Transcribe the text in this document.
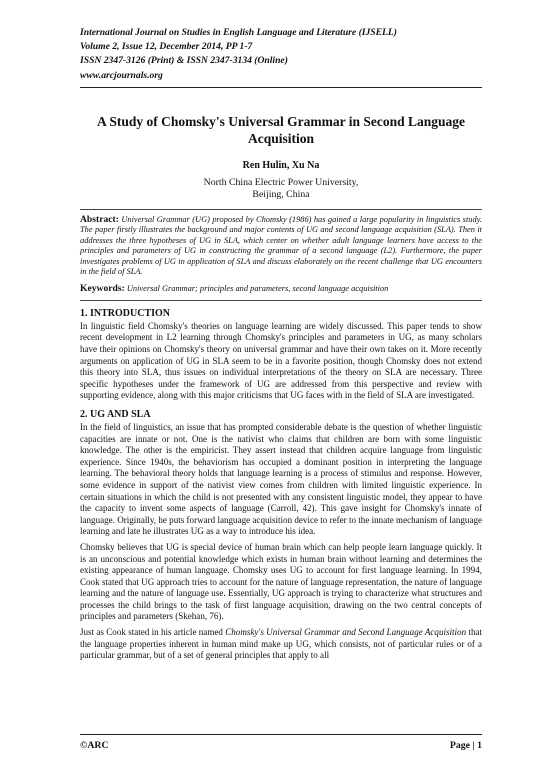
International Journal on Studies in English Language and Literature (IJSELL)
Volume 2, Issue 12, December 2014, PP 1-7
ISSN 2347-3126 (Print) & ISSN 2347-3134 (Online)
www.arcjournals.org
A Study of Chomsky's Universal Grammar in Second Language Acquisition
Ren Hulin, Xu Na
North China Electric Power University,
Beijing, China
Abstract: Universal Grammar (UG) proposed by Chomsky (1986) has gained a large popularity in linguistics study. The paper firstly illustrates the background and major contents of UG and second language acquisition (SLA). Then it addresses the three hypotheses of UG in SLA, which center on whether adult language learners have access to the principles and parameters of UG in constructing the grammar of a second language (L2). Furthermore, the paper investigates problems of UG in application of SLA and discuss elaborately on the recent challenge that UG encounters in the field of SLA.
Keywords: Universal Grammar; principles and parameters, second language acquisition
1. INTRODUCTION

In linguistic field Chomsky's theories on language learning are widely discussed. This paper tends to show recent development in L2 learning through Chomsky's principles and parameters in UG, as many scholars have their opinions on Chomsky's theory on universal grammar and have their own takes on it. More recently arguments on application of UG in SLA seem to be in a favorite position, though Chomsky does not extend this theory into SLA, thus issues on individual interpretations of the theory on SLA are necessary. Three specific hypotheses under the framework of UG are addressed from this perspective and review with supporting evidence, along with this major criticisms that UG faces with in the field of SLA are investigated.

2. UG AND SLA

In the field of linguistics, an issue that has prompted considerable debate is the question of whether linguistic capacities are innate or not. One is the nativist who claims that children are born with some linguistic knowledge. The other is the empiricist. They assert instead that children acquire language from linguistic experience. Since 1940s, the behaviorism has occupied a dominant position in interpreting the language learning. The behavioral theory holds that language learning is a process of stimulus and response. However, some evidence in support of the nativist view comes from children with limited linguistic experience. In certain situations in which the child is not presented with any consistent linguistic model, they appear to have the capacity to invent some aspects of language (Carroll, 42). This gave insight for Chomsky's innate of language. Originally, he puts forward language acquisition device to refer to the innate mechanism of language learning and late he illustrates UG as a way to introduce his idea.

Chomsky believes that UG is special device of human brain which can help people learn language quickly. It is an unconscious and potential knowledge which exists in human brain without learning and determines the existing appearance of human language. Chomsky uses UG to account for first language learning. In 1994, Cook stated that UG approach tries to account for the nature of language representation, the nature of language learning and the nature of language use. Essentially, UG approach is trying to characterize what structures and processes the child brings to the task of first language acquisition, drawing on the two central concepts of principles and parameters (Skehan, 76).

Just as Cook stated in his article named Chomsky's Universal Grammar and Second Language Acquisition that the language properties inherent in human mind make up UG, which consists, not of particular rules or of a particular grammar, but of a set of general principles that apply to all

©ARC	Page | 1
